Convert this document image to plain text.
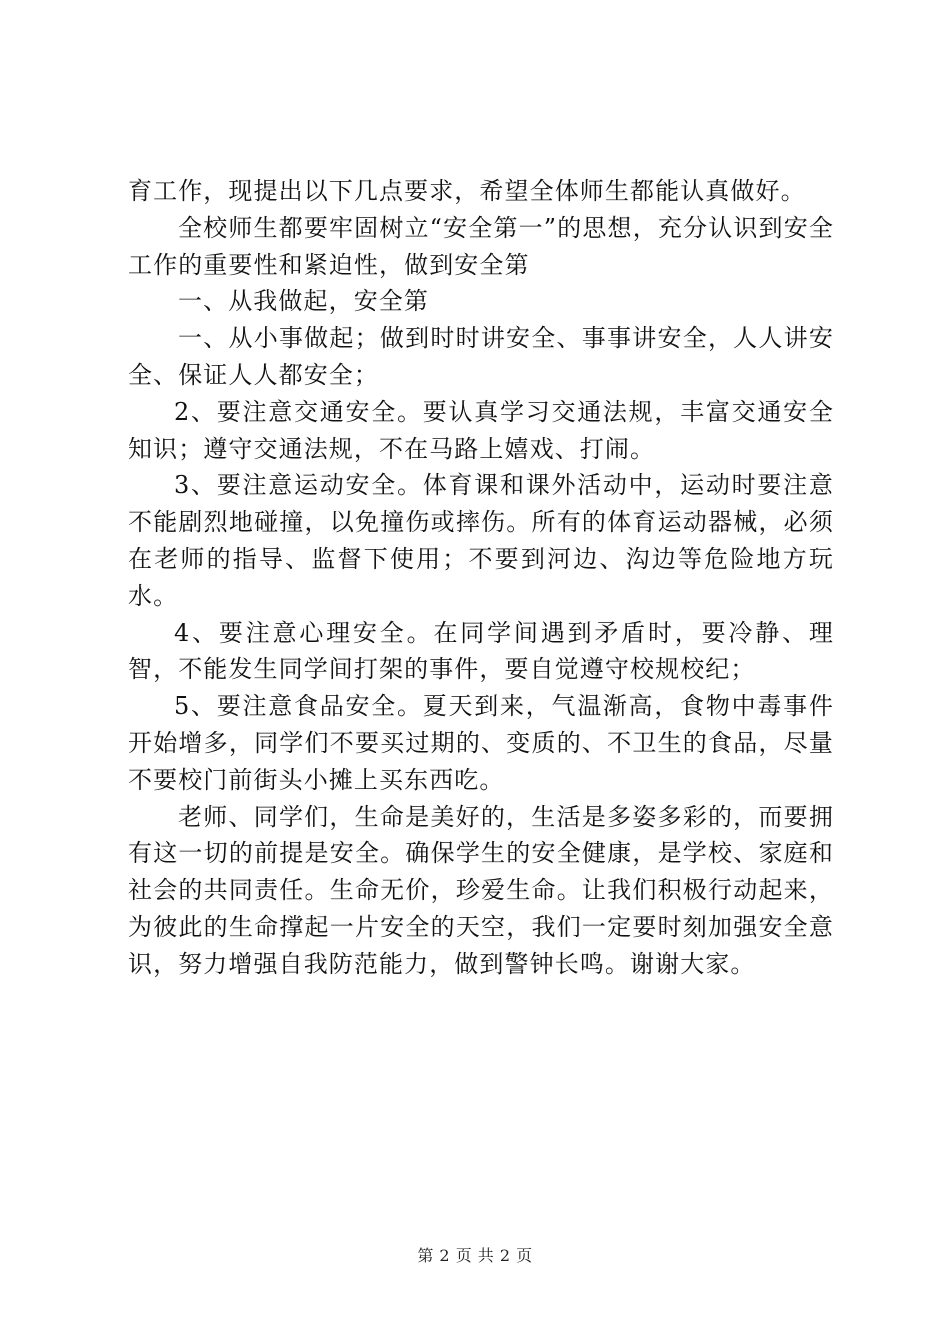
育工作，现提出以下几点要求，希望全体师生都能认真做好。

全校师生都要牢固树立“安全第一”的思想，充分认识到安全工作的重要性和紧迫性，做到安全第

一、从我做起，安全第

一、从小事做起；做到时时讲安全、事事讲安全，人人讲安全、保证人人都安全；

2、要注意交通安全。要认真学习交通法规，丰富交通安全知识；遵守交通法规，不在马路上嬉戏、打闹。

3、要注意运动安全。体育课和课外活动中，运动时要注意不能剧烈地碰撞，以免撞伤或摔伤。所有的体育运动器械，必须在老师的指导、监督下使用；不要到河边、沟边等危险地方玩水。

4、要注意心理安全。在同学间遇到矛盾时，要冷静、理智，不能发生同学间打架的事件，要自觉遵守校规校纪；

5、要注意食品安全。夏天到来，气温渐高，食物中毒事件开始增多，同学们不要买过期的、变质的、不卫生的食品，尽量不要校门前街头小摊上买东西吃。

老师、同学们，生命是美好的，生活是多姿多彩的，而要拥有这一切的前提是安全。确保学生的安全健康，是学校、家庭和社会的共同责任。生命无价，珍爱生命。让我们积极行动起来，为彼此的生命撑起一片安全的天空，我们一定要时刻加强安全意识，努力增强自我防范能力，做到警钟长鸣。谢谢大家。

第 2 页 共 2 页
